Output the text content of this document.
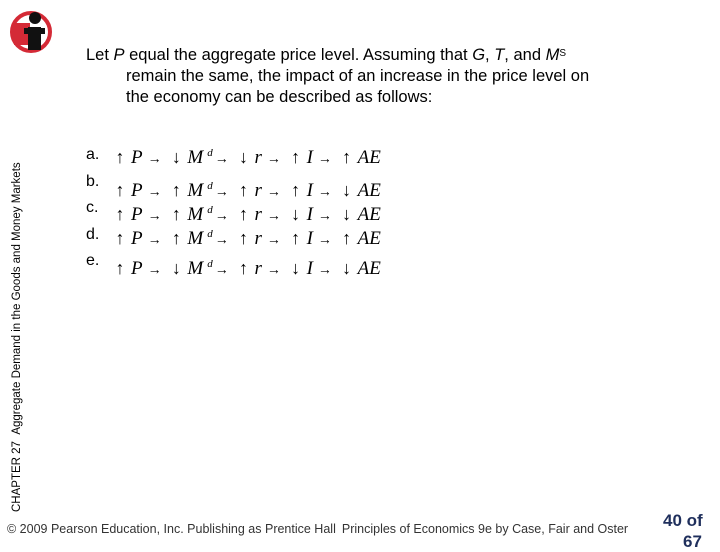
CHAPTER 27  Aggregate Demand in the Goods and Money Markets
Let P equal the aggregate price level. Assuming that G, T, and $M^S$
remain the same, the impact of an increase in the price level on
the economy can be described as follows:
a.
b.
c.
d.
e.
↑ P → ↓ M $^d$ → ↓ r → ↑ I → ↑ AE
↑ P → ↑ M $^d$ → ↑ r → ↑ I → ↓ AE
↑ P → ↑ M $^d$ → ↑ r → ↓ I → ↓ AE
↑ P → ↑ M $^d$ → ↑ r → ↑ I → ↑ AE
↑ P → ↓ M $^d$ → ↑ r → ↓ I → ↓ AE
© 2009 Pearson Education, Inc. Publishing as Prentice Hall Principles of Economics 9e by Case, Fair and Oster 40 of
67
